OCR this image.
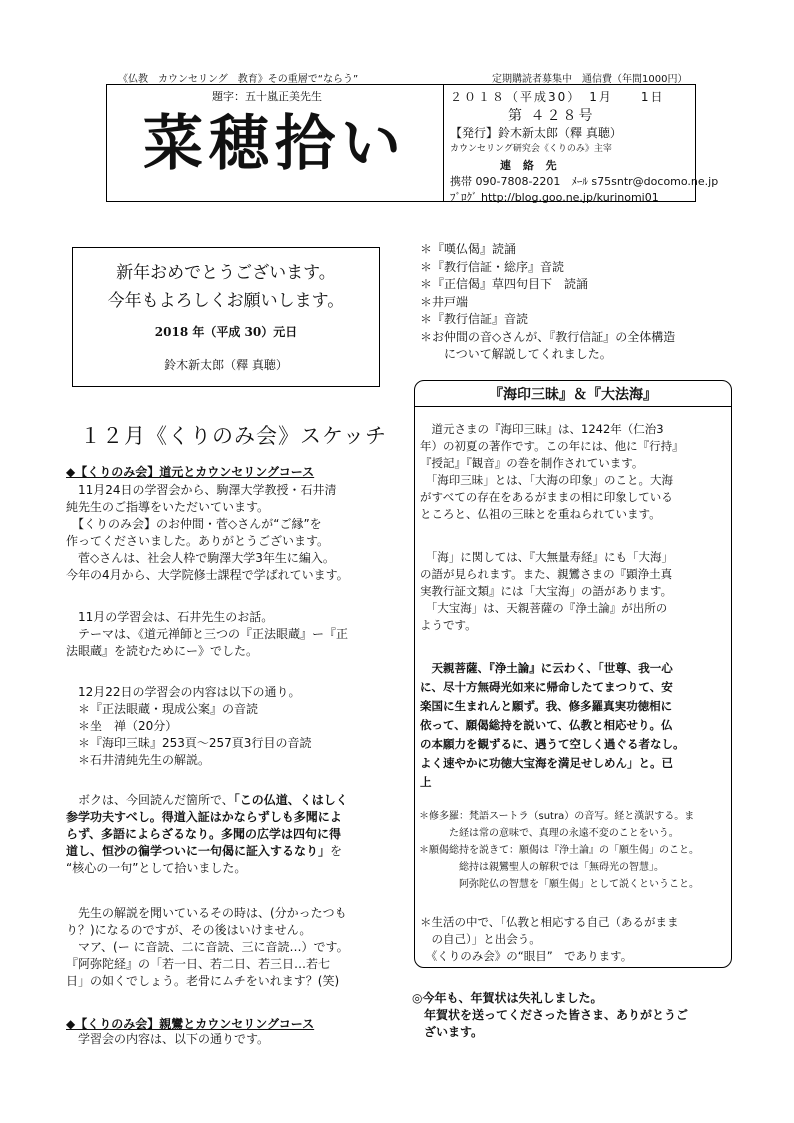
《仏教　カウンセリング　教育》その重層で“ならう”	定期購読者募集中　通信費（年間1000円）
題字：五十嵐正美先生
菜穂拾い
２０１８（平成30）　1月　　1日
第 ４２８号
【発行】鈴木新太郎（釋 真聴）
カウンセリング研究会《くりのみ》主宰
連 絡 先
携帯 090-7808-2201　ﾒｰﾙ s75sntr@docomo.ne.jp
ﾌﾞﾛｸﾞ http://blog.goo.ne.jp/kurinomi01
新年おめでとうございます。
今年もよろしくお願いします。
2018 年（平成 30）元日
鈴木新太郎（釋 真聴）
１２月《くりのみ会》スケッチ
◆【くりのみ会】道元とカウンセリングコース
　11月24日の学習会から、駒澤大学教授・石井清
純先生のご指導をいただいています。
　【くりのみ会】のお仲間・菅◇さんが“ご縁”を
作ってくださいました。ありがとうございます。
　菅◇さんは、社会人枠で駒澤大学3年生に編入。
今年の4月から、大学院修士課程で学ばれています。
　11月の学習会は、石井先生のお話。
　テーマは、《道元禅師と三つの『正法眼蔵』ー『正
法眼蔵』を読むためにー》でした。
　12月22日の学習会の内容は以下の通り。
　＊『正法眼蔵・現成公案』の音読
　＊坐　禅（20分）
　＊『海印三昧』253頁～257頁3行目の音読
　＊石井清純先生の解説。
　ボクは、今回読んだ箇所で、「この仏道、くはしく
参学功夫すべし。得道入証はかならずしも多聞によ
らず、多語によらざるなり。多聞の広学は四句に得
道し、恒沙の徧学ついに一句偈に証入するなり」を
“核心の一句”として拾いました。
　先生の解説を聞いているその時は、(分かったつも
り？)になるのですが、その後はいけません。
　マア、(ー に音読、二に音読、三に音読…）です。
『阿弥陀経』の「若一日、若二日、若三日…若七
日」の如くでしょう。老骨にムチをいれます？(笑)
◆【くりのみ会】親鸞とカウンセリングコース
　学習会の内容は、以下の通りです。
＊『嘆仏偈』読誦
＊『教行信証・総序』音読
＊『正信偈』草四句目下　読誦
＊井戸端
＊『教行信証』音読
＊お仲間の音◇さんが、『教行信証』の全体構造
　　について解説してくれました。
『海印三昧』＆『大法海』
　道元さまの『海印三昧』は、1242年（仁治3
年）の初夏の著作です。この年には、他に『行持』
『授記』『観音』の巻を制作されています。
　「海印三昧」とは、「大海の印象」のこと。大海
がすべての存在をあるがままの相に印象している
ところと、仏祖の三昧とを重ねられています。
　「海」に関しては、『大無量寿経』にも「大海」
の語が見られます。また、親鸞さまの『顕浄土真
実教行証文類』には「大宝海」の語があります。
　「大宝海」は、天親菩薩の『浄土論』が出所の
ようです。
　天親菩薩、『浄土論』に云わく、「世尊、我一心
に、尽十方無碍光如来に帰命したてまつりて、安
楽国に生まれんと願ず。我、修多羅真実功徳相に
依って、願偈総持を説いて、仏教と相応せり。仏
の本願力を観ずるに、遇うて空しく過ぐる者なし。
よく速やかに功徳大宝海を満足せしめん」と。已
上
＊修多羅：梵語スートラ（sutra）の音写。経と漢訳する。ま
　　　た経は常の意味で、真理の永遠不変のことをいう。
＊願偈総持を説きて：願偈は『浄土論』の「願生偈」のこと。
　　　　総持は親鸞聖人の解釈では「無碍光の智慧」。
　　　　阿弥陀仏の智慧を「願生偈」として説くということ。
＊生活の中で、「仏教と相応する自己（あるがまま
　の自己）」と出会う。
　《くりのみ会》の“眼目”　であります。
◎今年も、年賀状は失礼しました。
　年賀状を送ってくださった皆さま、ありがとうご
　ざいます。
